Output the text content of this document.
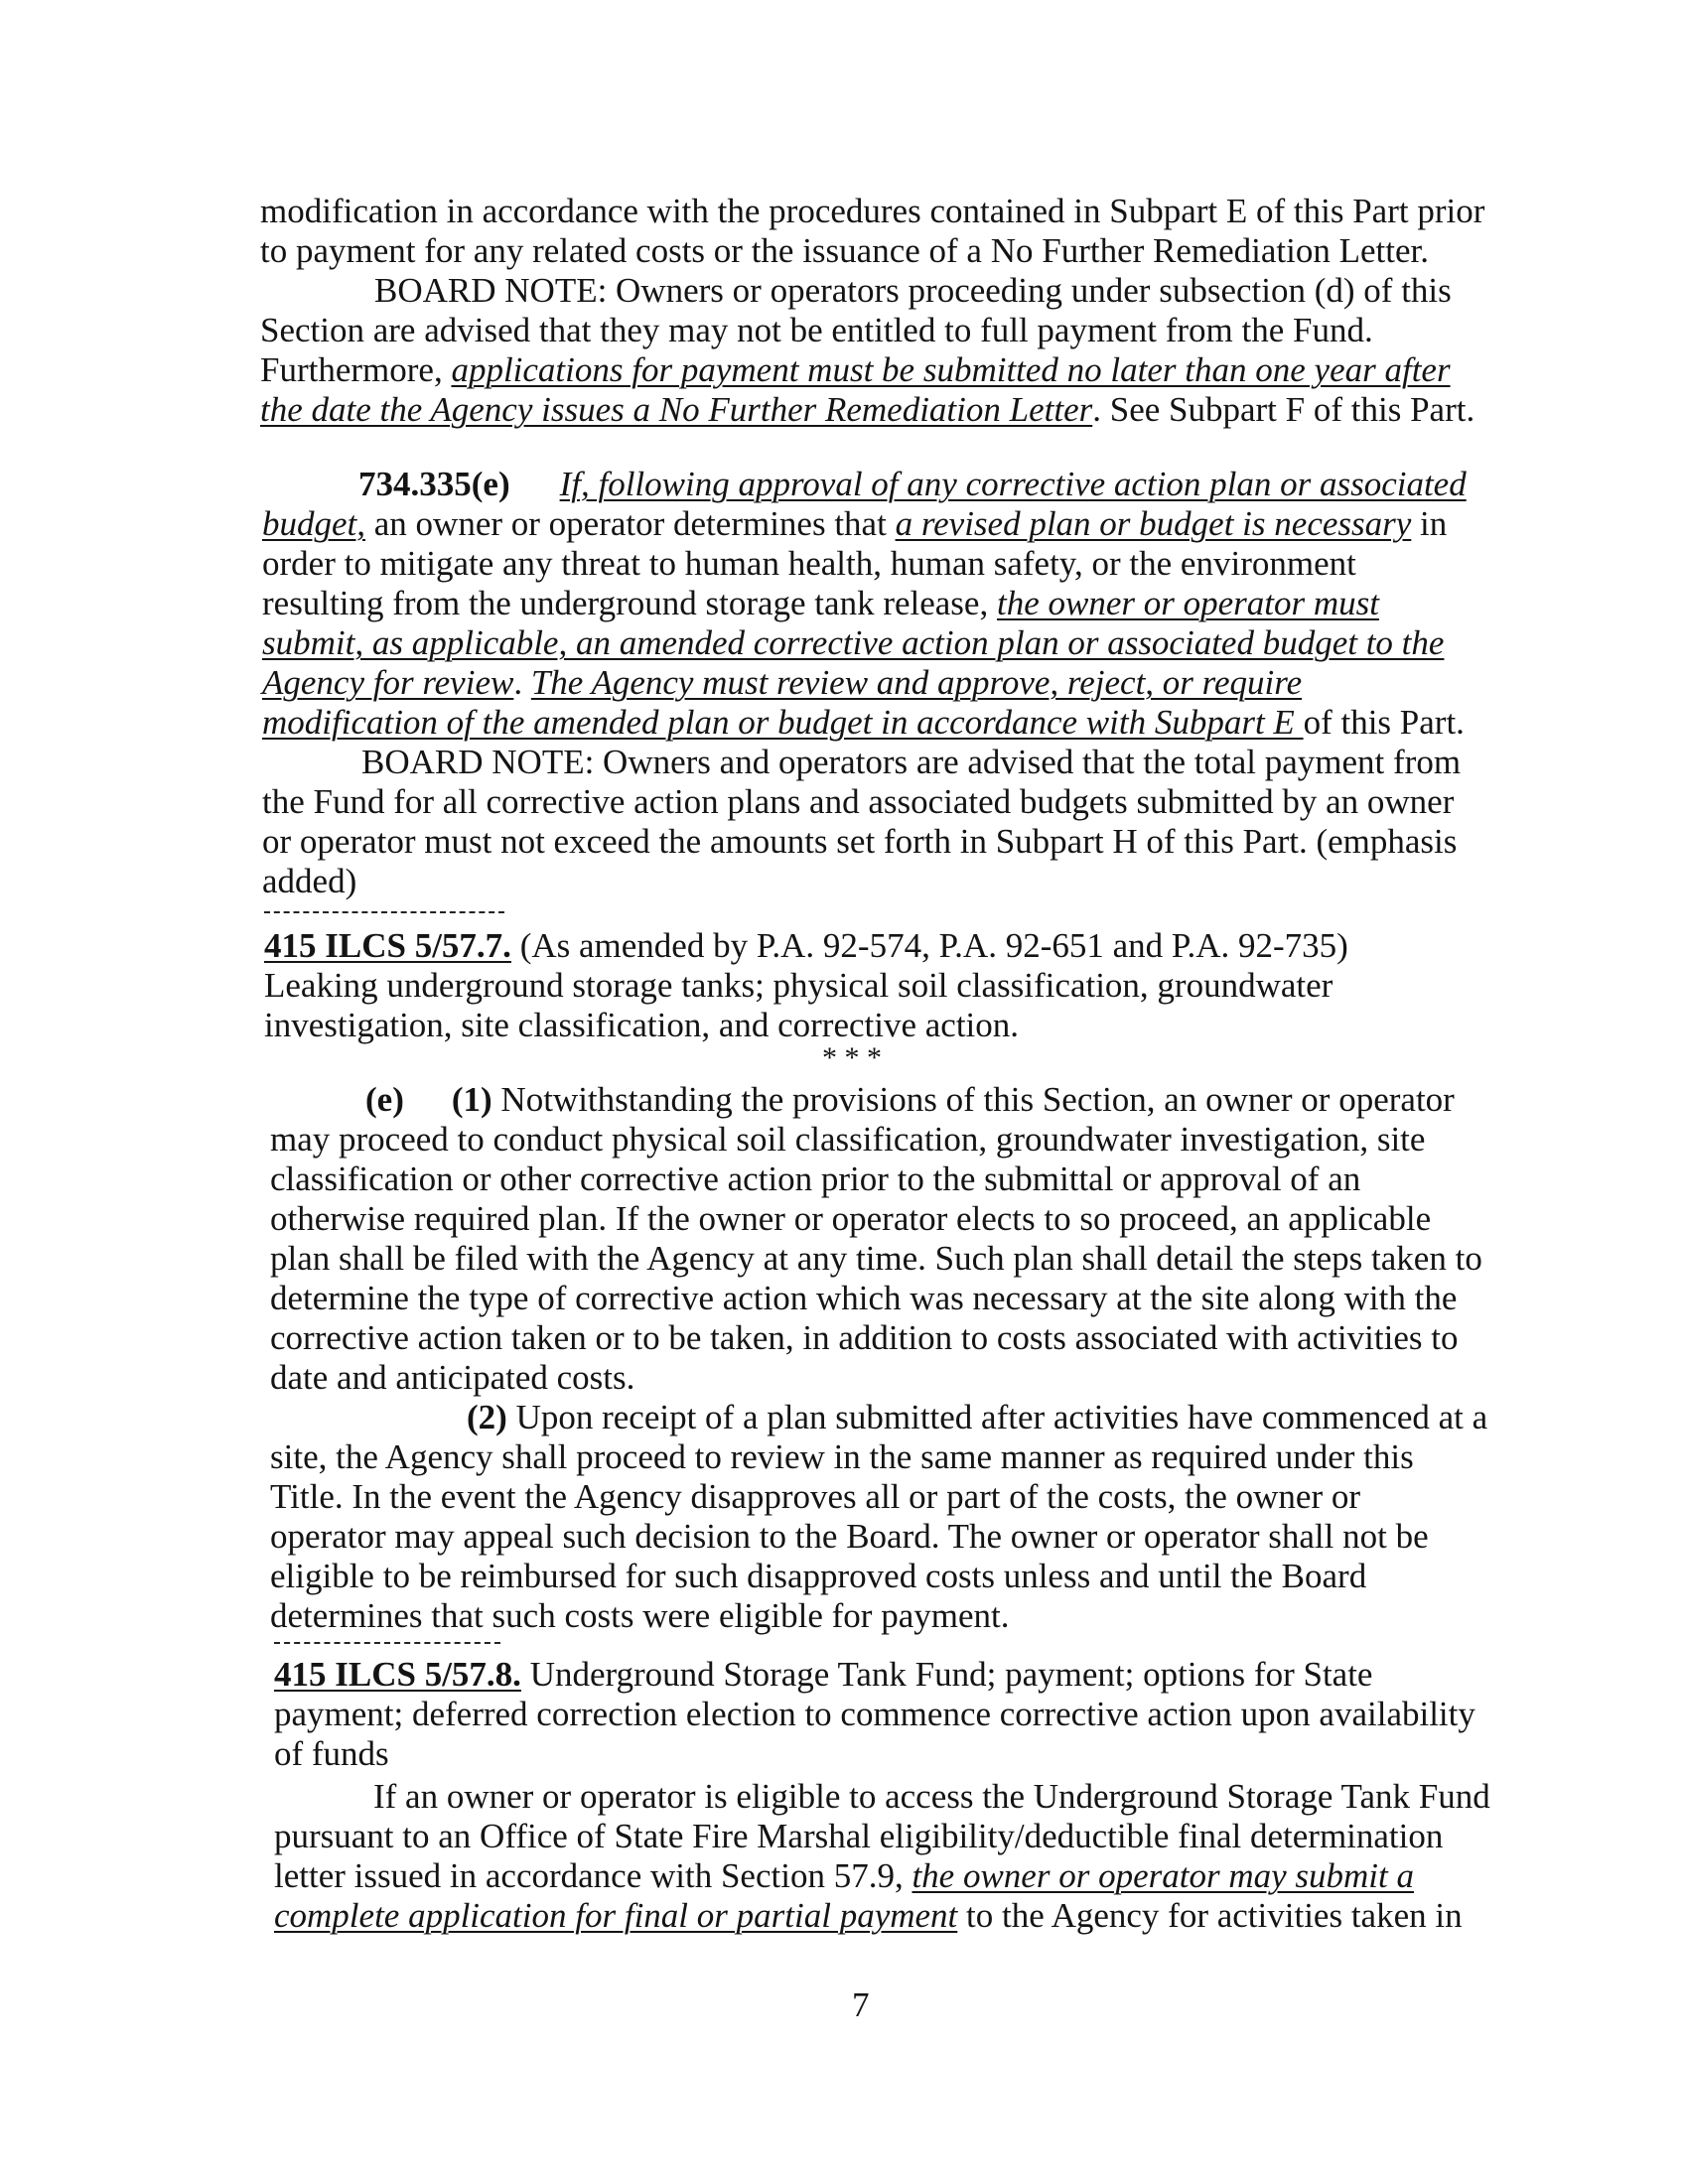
modification in accordance with the procedures contained in Subpart E of this Part prior
to payment for any related costs or the issuance of a No Further Remediation Letter.
BOARD NOTE: Owners or operators proceeding under subsection (d) of this
Section are advised that they may not be entitled to full payment from the Fund.
Furthermore, applications for payment must be submitted no later than one year after
the date the Agency issues a No Further Remediation Letter. See Subpart F of this Part.
734.335(e) If, following approval of any corrective action plan or associated
budget, an owner or operator determines that a revised plan or budget is necessary in
order to mitigate any threat to human health, human safety, or the environment
resulting from the underground storage tank release, the owner or operator must
submit, as applicable, an amended corrective action plan or associated budget to the
Agency for review. The Agency must review and approve, reject, or require
modification of the amended plan or budget in accordance with Subpart E of this Part.
BOARD NOTE: Owners and operators are advised that the total payment from
the Fund for all corrective action plans and associated budgets submitted by an owner
or operator must not exceed the amounts set forth in Subpart H of this Part. (emphasis
added)
415 ILCS 5/57.7. (As amended by P.A. 92-574, P.A. 92-651 and P.A. 92-735)
Leaking underground storage tanks; physical soil classification, groundwater
investigation, site classification, and corrective action.
* * *
(e) (1) Notwithstanding the provisions of this Section, an owner or operator
may proceed to conduct physical soil classification, groundwater investigation, site
classification or other corrective action prior to the submittal or approval of an
otherwise required plan. If the owner or operator elects to so proceed, an applicable
plan shall be filed with the Agency at any time. Such plan shall detail the steps taken to
determine the type of corrective action which was necessary at the site along with the
corrective action taken or to be taken, in addition to costs associated with activities to
date and anticipated costs.
(2) Upon receipt of a plan submitted after activities have commenced at a
site, the Agency shall proceed to review in the same manner as required under this
Title. In the event the Agency disapproves all or part of the costs, the owner or
operator may appeal such decision to the Board. The owner or operator shall not be
eligible to be reimbursed for such disapproved costs unless and until the Board
determines that such costs were eligible for payment.
415 ILCS 5/57.8. Underground Storage Tank Fund; payment; options for State
payment; deferred correction election to commence corrective action upon availability
of funds
If an owner or operator is eligible to access the Underground Storage Tank Fund
pursuant to an Office of State Fire Marshal eligibility/deductible final determination
letter issued in accordance with Section 57.9, the owner or operator may submit a
complete application for final or partial payment to the Agency for activities taken in
7
